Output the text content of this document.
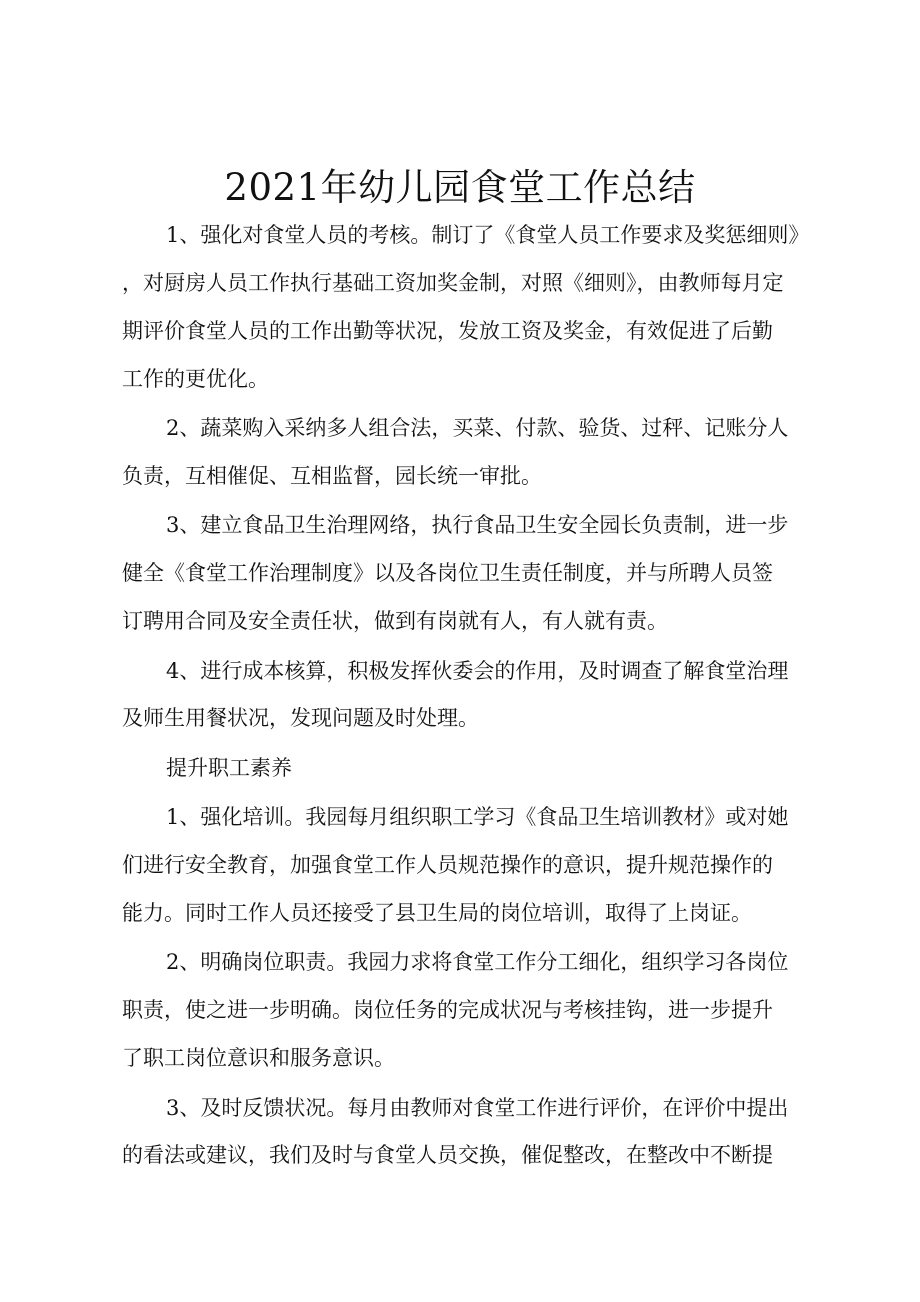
2021年幼儿园食堂工作总结
1、强化对食堂人员的考核。制订了《食堂人员工作要求及奖惩细则》
，对厨房人员工作执行基础工资加奖金制，对照《细则》，由教师每月定
期评价食堂人员的工作出勤等状况，发放工资及奖金，有效促进了后勤
工作的更优化。
2、蔬菜购入采纳多人组合法，买菜、付款、验货、过秤、记账分人
负责，互相催促、互相监督，园长统一审批。
3、建立食品卫生治理网络，执行食品卫生安全园长负责制，进一步
健全《食堂工作治理制度》以及各岗位卫生责任制度，并与所聘人员签
订聘用合同及安全责任状，做到有岗就有人，有人就有责。
4、进行成本核算，积极发挥伙委会的作用，及时调查了解食堂治理
及师生用餐状况，发现问题及时处理。
提升职工素养
1、强化培训。我园每月组织职工学习《食品卫生培训教材》或对她
们进行安全教育，加强食堂工作人员规范操作的意识，提升规范操作的
能力。同时工作人员还接受了县卫生局的岗位培训，取得了上岗证。
2、明确岗位职责。我园力求将食堂工作分工细化，组织学习各岗位
职责，使之进一步明确。岗位任务的完成状况与考核挂钩，进一步提升
了职工岗位意识和服务意识。
3、及时反馈状况。每月由教师对食堂工作进行评价，在评价中提出
的看法或建议，我们及时与食堂人员交换，催促整改，在整改中不断提
